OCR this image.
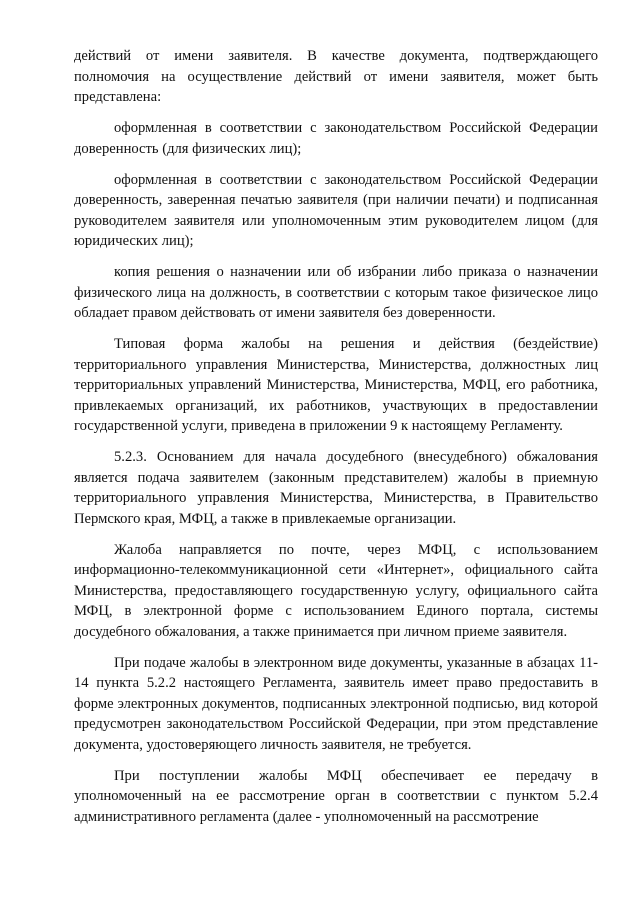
действий от имени заявителя. В качестве документа, подтверждающего полномочия на осуществление действий от имени заявителя, может быть представлена:

оформленная в соответствии с законодательством Российской Федерации доверенность (для физических лиц);

оформленная в соответствии с законодательством Российской Федерации доверенность, заверенная печатью заявителя (при наличии печати) и подписанная руководителем заявителя или уполномоченным этим руководителем лицом (для юридических лиц);

копия решения о назначении или об избрании либо приказа о назначении физического лица на должность, в соответствии с которым такое физическое лицо обладает правом действовать от имени заявителя без доверенности.

Типовая форма жалобы на решения и действия (бездействие) территориального управления Министерства, Министерства, должностных лиц территориальных управлений Министерства, Министерства, МФЦ, его работника, привлекаемых организаций, их работников, участвующих в предоставлении государственной услуги, приведена в приложении 9 к настоящему Регламенту.

5.2.3. Основанием для начала досудебного (внесудебного) обжалования является подача заявителем (законным представителем) жалобы в приемную территориального управления Министерства, Министерства, в Правительство Пермского края, МФЦ, а также в привлекаемые организации.

Жалоба направляется по почте, через МФЦ, с использованием информационно-телекоммуникационной сети «Интернет», официального сайта Министерства, предоставляющего государственную услугу, официального сайта МФЦ, в электронной форме с использованием Единого портала, системы досудебного обжалования, а также принимается при личном приеме заявителя.

При подаче жалобы в электронном виде документы, указанные в абзацах 11-14 пункта 5.2.2 настоящего Регламента, заявитель имеет право предоставить в форме электронных документов, подписанных электронной подписью, вид которой предусмотрен законодательством Российской Федерации, при этом представление документа, удостоверяющего личность заявителя, не требуется.

При поступлении жалобы МФЦ обеспечивает ее передачу в уполномоченный на ее рассмотрение орган в соответствии с пунктом 5.2.4 административного регламента (далее - уполномоченный на рассмотрение
